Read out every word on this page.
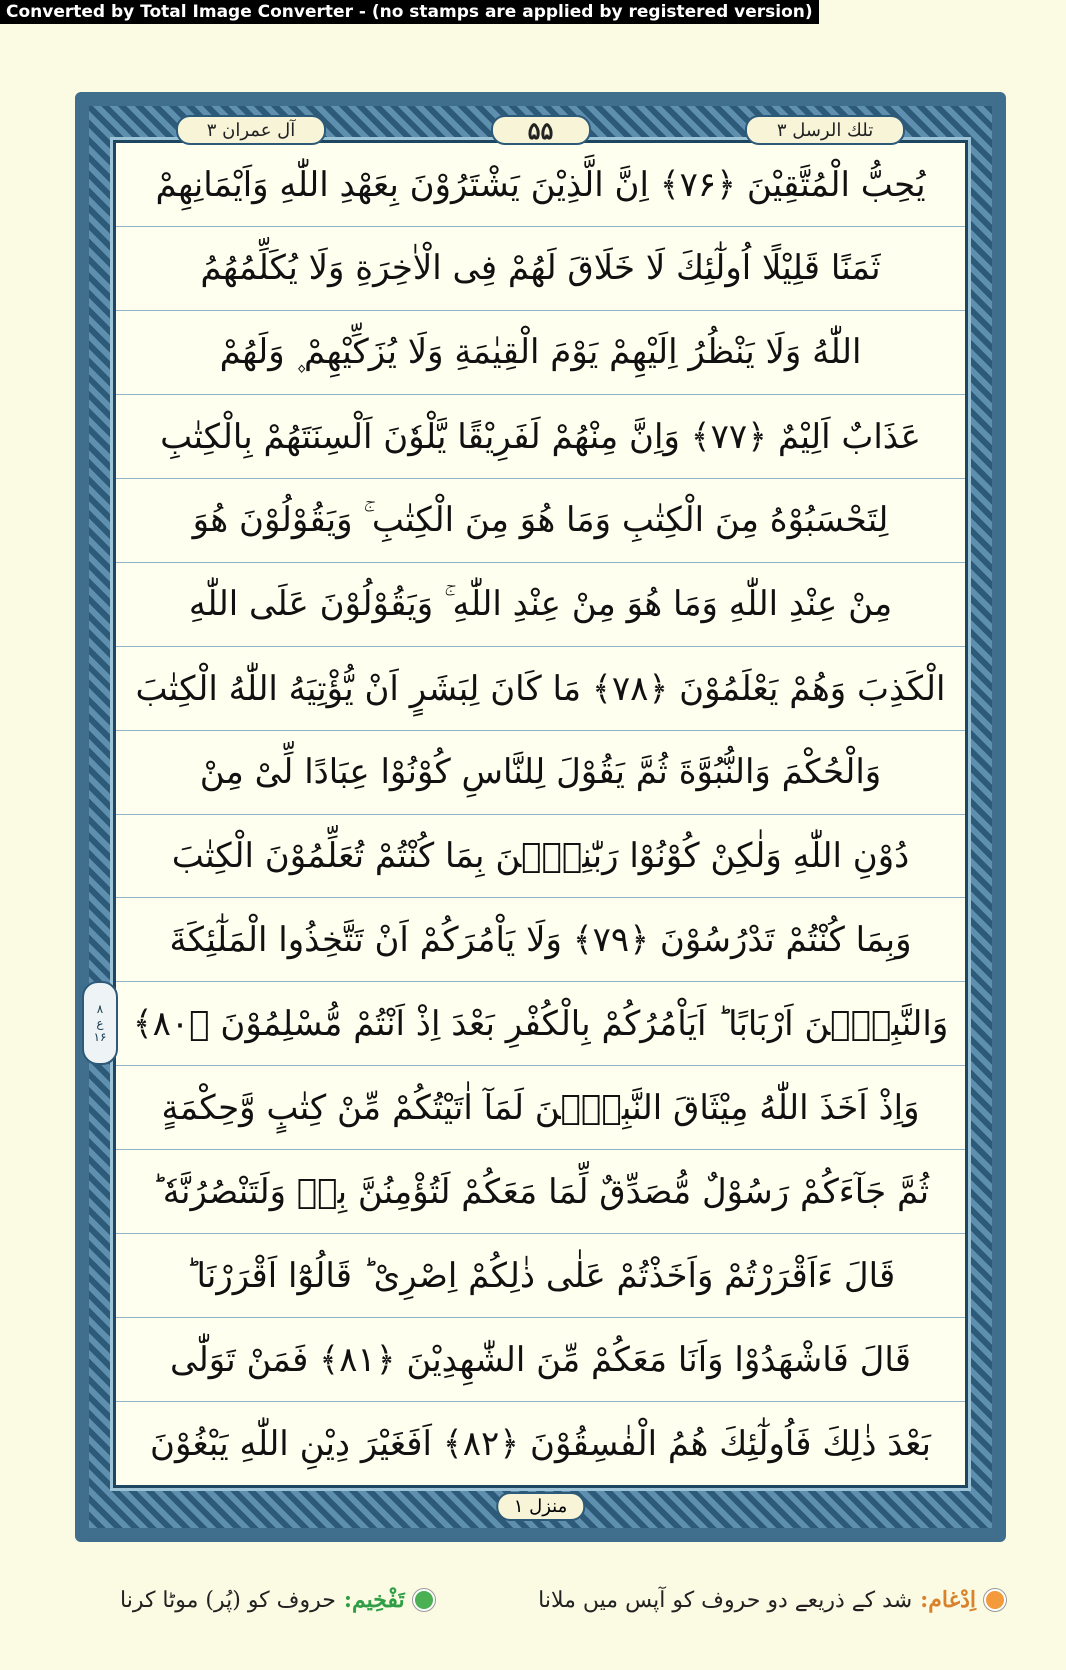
Converted by Total Image Converter - (no stamps are applied by registered version)
تلك الرسل ٣
۵۵
آل عمران ٣
یُحِبُّ الْمُتَّقِیْنَ ﴿۷۶﴾ اِنَّ الَّذِیْنَ یَشْتَرُوْنَ بِعَهْدِ اللّٰهِ وَاَیْمَانِهِمْ
ثَمَنًا قَلِیْلًا اُولٰٓئِكَ لَا خَلَاقَ لَهُمْ فِی الْاٰخِرَةِ وَلَا یُكَلِّمُهُمُ
اللّٰهُ وَلَا یَنْظُرُ اِلَیْهِمْ یَوْمَ الْقِیٰمَةِ وَلَا یُزَكِّیْهِمْ ۪ وَلَهُمْ
عَذَابٌ اَلِیْمٌ ﴿۷۷﴾ وَاِنَّ مِنْهُمْ لَفَرِیْقًا یَّلْوٗنَ اَلْسِنَتَهُمْ بِالْكِتٰبِ
لِتَحْسَبُوْهُ مِنَ الْكِتٰبِ وَمَا هُوَ مِنَ الْكِتٰبِ ۚ وَیَقُوْلُوْنَ هُوَ
مِنْ عِنْدِ اللّٰهِ وَمَا هُوَ مِنْ عِنْدِ اللّٰهِ ۚ وَیَقُوْلُوْنَ عَلَى اللّٰهِ
الْكَذِبَ وَهُمْ یَعْلَمُوْنَ ﴿۷۸﴾ مَا كَانَ لِبَشَرٍ اَنْ یُّؤْتِیَهُ اللّٰهُ الْكِتٰبَ
وَالْحُكْمَ وَالنُّبُوَّةَ ثُمَّ یَقُوْلَ لِلنَّاسِ كُوْنُوْا عِبَادًا لِّیْ مِنْ
دُوْنِ اللّٰهِ وَلٰكِنْ كُوْنُوْا رَبّٰنِیّٖنَ بِمَا كُنْتُمْ تُعَلِّمُوْنَ الْكِتٰبَ
وَبِمَا كُنْتُمْ تَدْرُسُوْنَ ﴿۷۹﴾ وَلَا یَاْمُرَكُمْ اَنْ تَتَّخِذُوا الْمَلٰٓئِكَةَ
وَالنَّبِیّٖنَ اَرْبَابًا ؕ اَیَاْمُرُكُمْ بِالْكُفْرِ بَعْدَ اِذْ اَنْتُمْ مُّسْلِمُوْنَ ﴿۸۰﴾
وَاِذْ اَخَذَ اللّٰهُ مِیْثَاقَ النَّبِیّٖنَ لَمَآ اٰتَیْتُكُمْ مِّنْ كِتٰبٍ وَّحِكْمَةٍ
ثُمَّ جَآءَكُمْ رَسُوْلٌ مُّصَدِّقٌ لِّمَا مَعَكُمْ لَتُؤْمِنُنَّ بِهٖ وَلَتَنْصُرُنَّهٗ ؕ
قَالَ ءَاَقْرَرْتُمْ وَاَخَذْتُمْ عَلٰى ذٰلِكُمْ اِصْرِیْ ؕ قَالُوْٓا اَقْرَرْنَا ؕ
قَالَ فَاشْهَدُوْا وَاَنَا مَعَكُمْ مِّنَ الشّٰهِدِیْنَ ﴿۸۱﴾ فَمَنْ تَوَلّٰى
بَعْدَ ذٰلِكَ فَاُولٰٓئِكَ هُمُ الْفٰسِقُوْنَ ﴿۸۲﴾ اَفَغَیْرَ دِیْنِ اللّٰهِ یَبْغُوْنَ
۸
ع
۱۶
منزل ۱
اِدْغام:
شد کے ذریعے دو حروف کو آپس میں ملانا
تَفْخِیم:
حروف کو (پُر) موٹا کرنا
